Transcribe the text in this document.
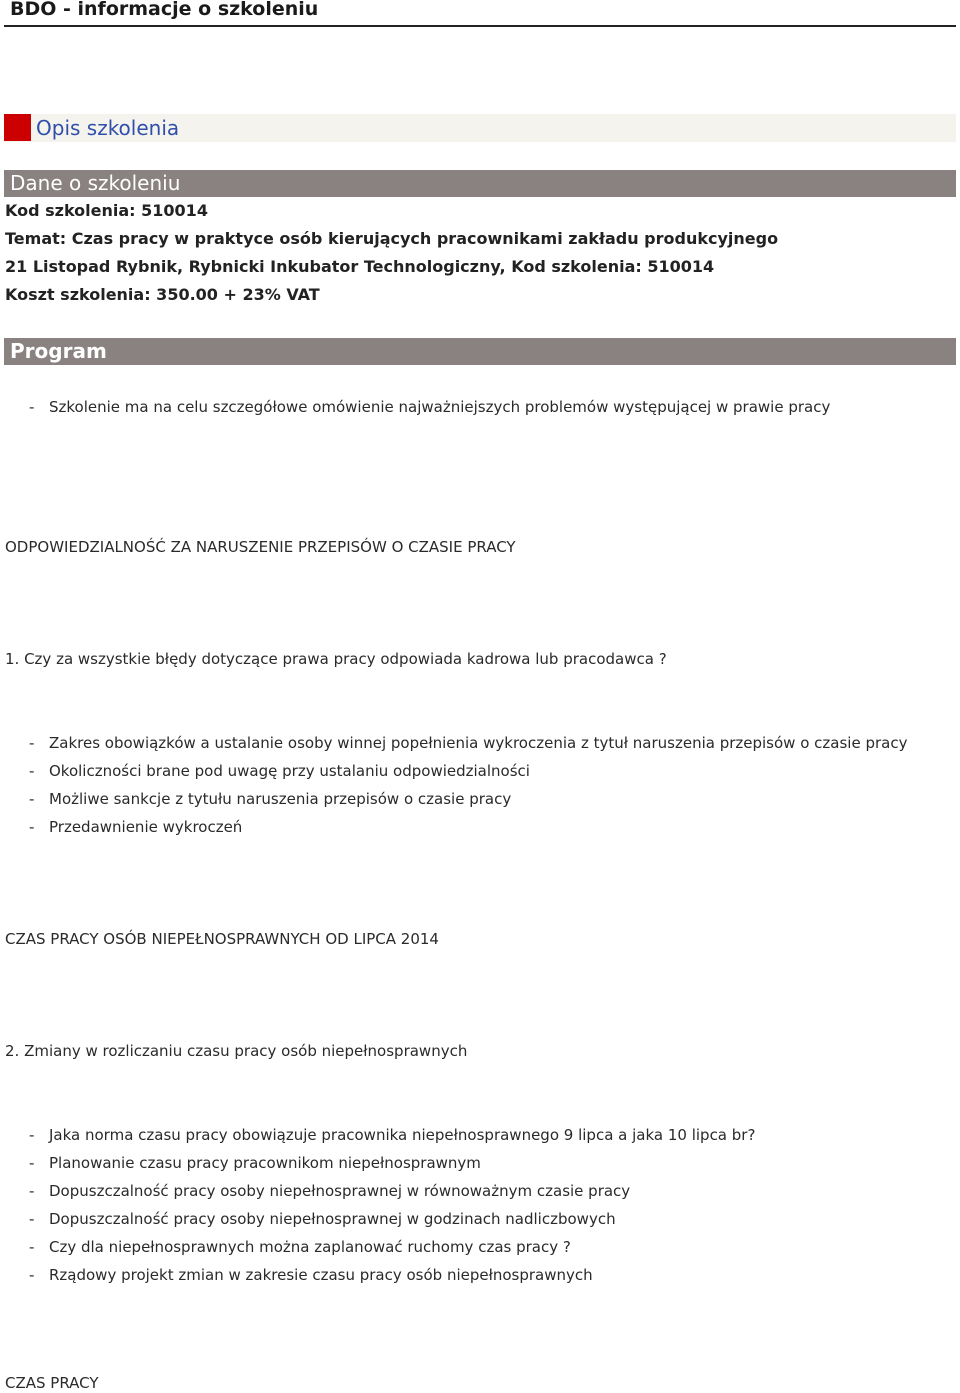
BDO - informacje o szkoleniu
Opis szkolenia
Dane o szkoleniu
Kod szkolenia: 510014
Temat: Czas pracy w praktyce osób kierujących pracownikami zakładu produkcyjnego
21 Listopad Rybnik, Rybnicki Inkubator Technologiczny, Kod szkolenia: 510014
Koszt szkolenia: 350.00 + 23% VAT
Program
- Szkolenie ma na celu szczegółowe omówienie najważniejszych problemów występującej w prawie pracy
ODPOWIEDZIALNOŚĆ ZA NARUSZENIE PRZEPISÓW O CZASIE PRACY
1. Czy za wszystkie błędy dotyczące prawa pracy odpowiada kadrowa lub pracodawca ?
- Zakres obowiązków a ustalanie osoby winnej popełnienia wykroczenia z tytuł naruszenia przepisów o czasie pracy
- Okoliczności brane pod uwagę przy ustalaniu odpowiedzialności
- Możliwe sankcje z tytułu naruszenia przepisów o czasie pracy
- Przedawnienie wykroczeń
CZAS PRACY OSÓB NIEPEŁNOSPRAWNYCH OD LIPCA 2014
2. Zmiany w rozliczaniu czasu pracy osób niepełnosprawnych
- Jaka norma czasu pracy obowiązuje pracownika niepełnosprawnego 9 lipca a jaka 10 lipca br?
- Planowanie czasu pracy pracownikom niepełnosprawnym
- Dopuszczalność pracy osoby niepełnosprawnej w równoważnym czasie pracy
- Dopuszczalność pracy osoby niepełnosprawnej w godzinach nadliczbowych
- Czy dla niepełnosprawnych można zaplanować ruchomy czas pracy ?
- Rządowy projekt zmian w zakresie czasu pracy osób niepełnosprawnych
CZAS PRACY
